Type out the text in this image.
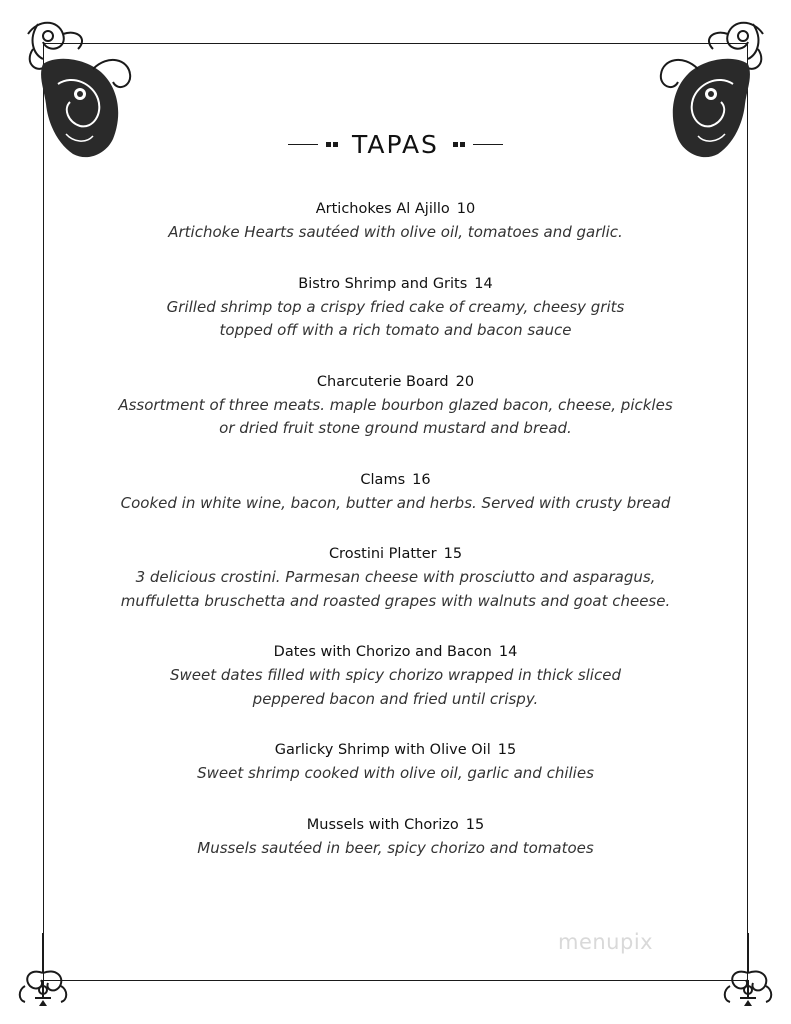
TAPAS
Artichokes Al Ajillo 10
Artichoke Hearts sautéed with olive oil, tomatoes and garlic.
Bistro Shrimp and Grits 14
Grilled shrimp top a crispy fried cake of creamy, cheesy grits topped off with a rich tomato and bacon sauce
Charcuterie Board 20
Assortment of three meats. maple bourbon glazed bacon, cheese, pickles or dried fruit stone ground mustard and bread.
Clams 16
Cooked in white wine, bacon, butter and herbs. Served with crusty bread
Crostini Platter 15
3 delicious crostini. Parmesan cheese with prosciutto and asparagus, muffuletta bruschetta and roasted grapes with walnuts and goat cheese.
Dates with Chorizo and Bacon 14
Sweet dates filled with spicy chorizo wrapped in thick sliced peppered bacon and fried until crispy.
Garlicky Shrimp with Olive Oil 15
Sweet shrimp cooked with olive oil, garlic and chilies
Mussels with Chorizo 15
Mussels sautéed in beer, spicy chorizo and tomatoes
menupix
